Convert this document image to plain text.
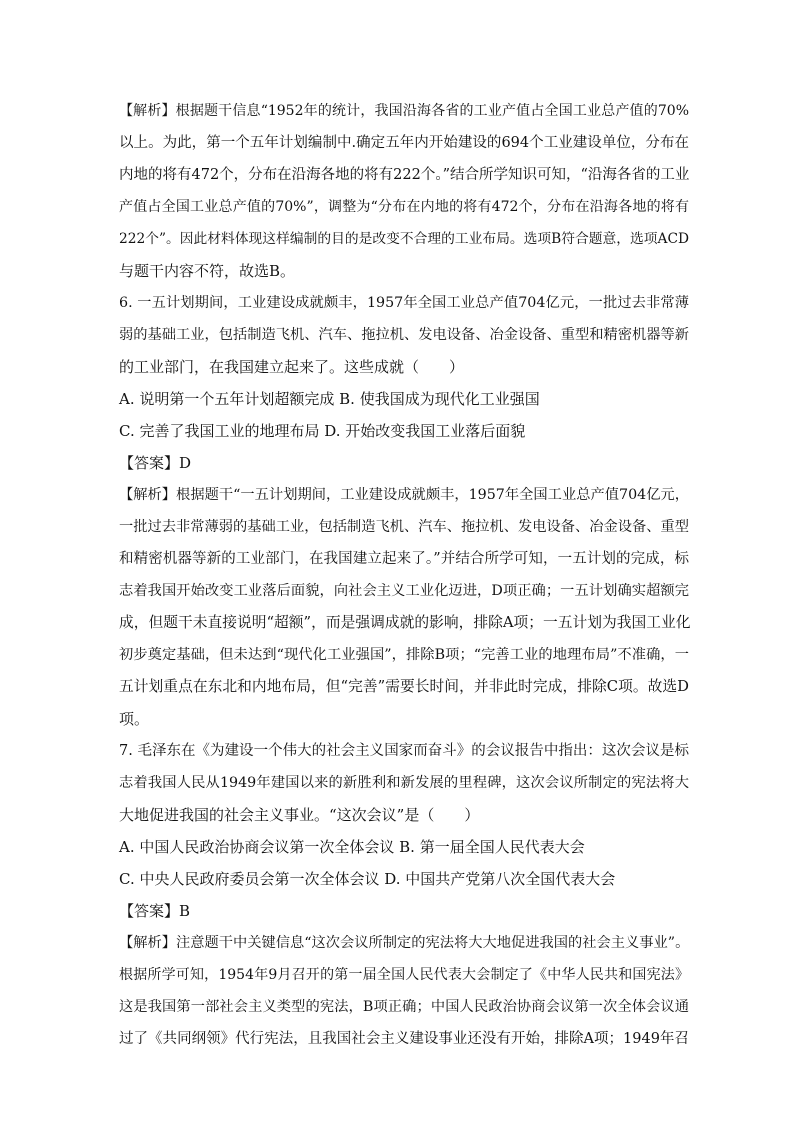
【解析】根据题干信息“1952年的统计，我国沿海各省的工业产值占全国工业总产值的70%
以上。为此，第一个五年计划编制中.确定五年内开始建设的694个工业建设单位，分布在
内地的将有472个，分布在沿海各地的将有222个。”结合所学知识可知，“沿海各省的工业
产值占全国工业总产值的70%”，调整为“分布在内地的将有472个，分布在沿海各地的将有
222个”。因此材料体现这样编制的目的是改变不合理的工业布局。选项B符合题意，选项ACD
与题干内容不符，故选B。
6. 一五计划期间，工业建设成就颇丰，1957年全国工业总产值704亿元，一批过去非常薄
弱的基础工业，包括制造飞机、汽车、拖拉机、发电设备、冶金设备、重型和精密机器等新
的工业部门，在我国建立起来了。这些成就（　　）
A. 说明第一个五年计划超额完成 B. 使我国成为现代化工业强国
C. 完善了我国工业的地理布局 D. 开始改变我国工业落后面貌
【答案】D
【解析】根据题干“一五计划期间，工业建设成就颇丰，1957年全国工业总产值704亿元，
一批过去非常薄弱的基础工业，包括制造飞机、汽车、拖拉机、发电设备、冶金设备、重型
和精密机器等新的工业部门，在我国建立起来了。”并结合所学可知，一五计划的完成，标
志着我国开始改变工业落后面貌，向社会主义工业化迈进，D项正确；一五计划确实超额完
成，但题干未直接说明“超额”，而是强调成就的影响，排除A项；一五计划为我国工业化
初步奠定基础，但未达到“现代化工业强国”，排除B项；“完善工业的地理布局”不准确，一
五计划重点在东北和内地布局，但“完善”需要长时间，并非此时完成，排除C项。故选D
项。
7. 毛泽东在《为建设一个伟大的社会主义国家而奋斗》的会议报告中指出：这次会议是标
志着我国人民从1949年建国以来的新胜利和新发展的里程碑，这次会议所制定的宪法将大
大地促进我国的社会主义事业。“这次会议”是（　　）
A. 中国人民政治协商会议第一次全体会议 B. 第一届全国人民代表大会
C. 中央人民政府委员会第一次全体会议 D. 中国共产党第八次全国代表大会
【答案】B
【解析】注意题干中关键信息“这次会议所制定的宪法将大大地促进我国的社会主义事业”。
根据所学可知，1954年9月召开的第一届全国人民代表大会制定了《中华人民共和国宪法》
这是我国第一部社会主义类型的宪法，B项正确；中国人民政治协商会议第一次全体会议通
过了《共同纲领》代行宪法，且我国社会主义建设事业还没有开始，排除A项；1949年召
